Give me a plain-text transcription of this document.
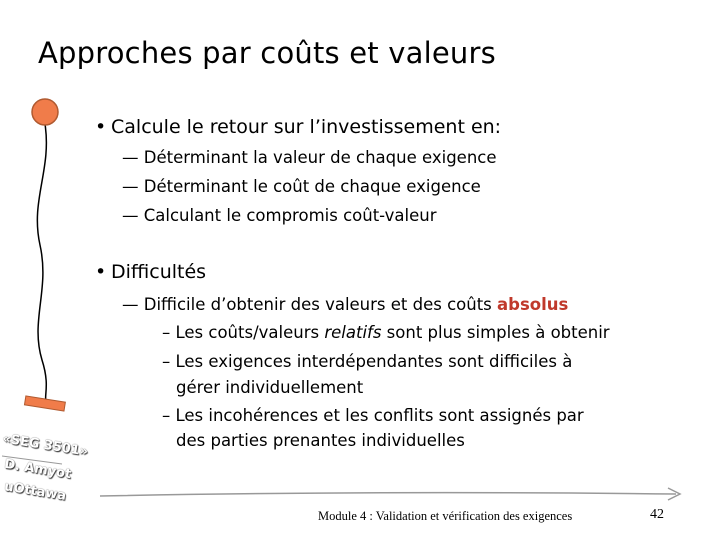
Approches par coûts et valeurs
• Calcule le retour sur l’investissement en:
— Déterminant la valeur de chaque exigence
— Déterminant le coût de chaque exigence
— Calculant le compromis coût-valeur
• Difficultés
— Difficile d’obtenir des valeurs et des coûts absolus
– Les coûts/valeurs relatifs sont plus simples à obtenir
– Les exigences interdépendantes sont difficiles à
gérer individuellement
– Les incohérences et les conflits sont assignés par
des parties prenantes individuelles
«SEG 3501»
D. Amyot
uOttawa
Module 4 : Validation et vérification des exigences	42
